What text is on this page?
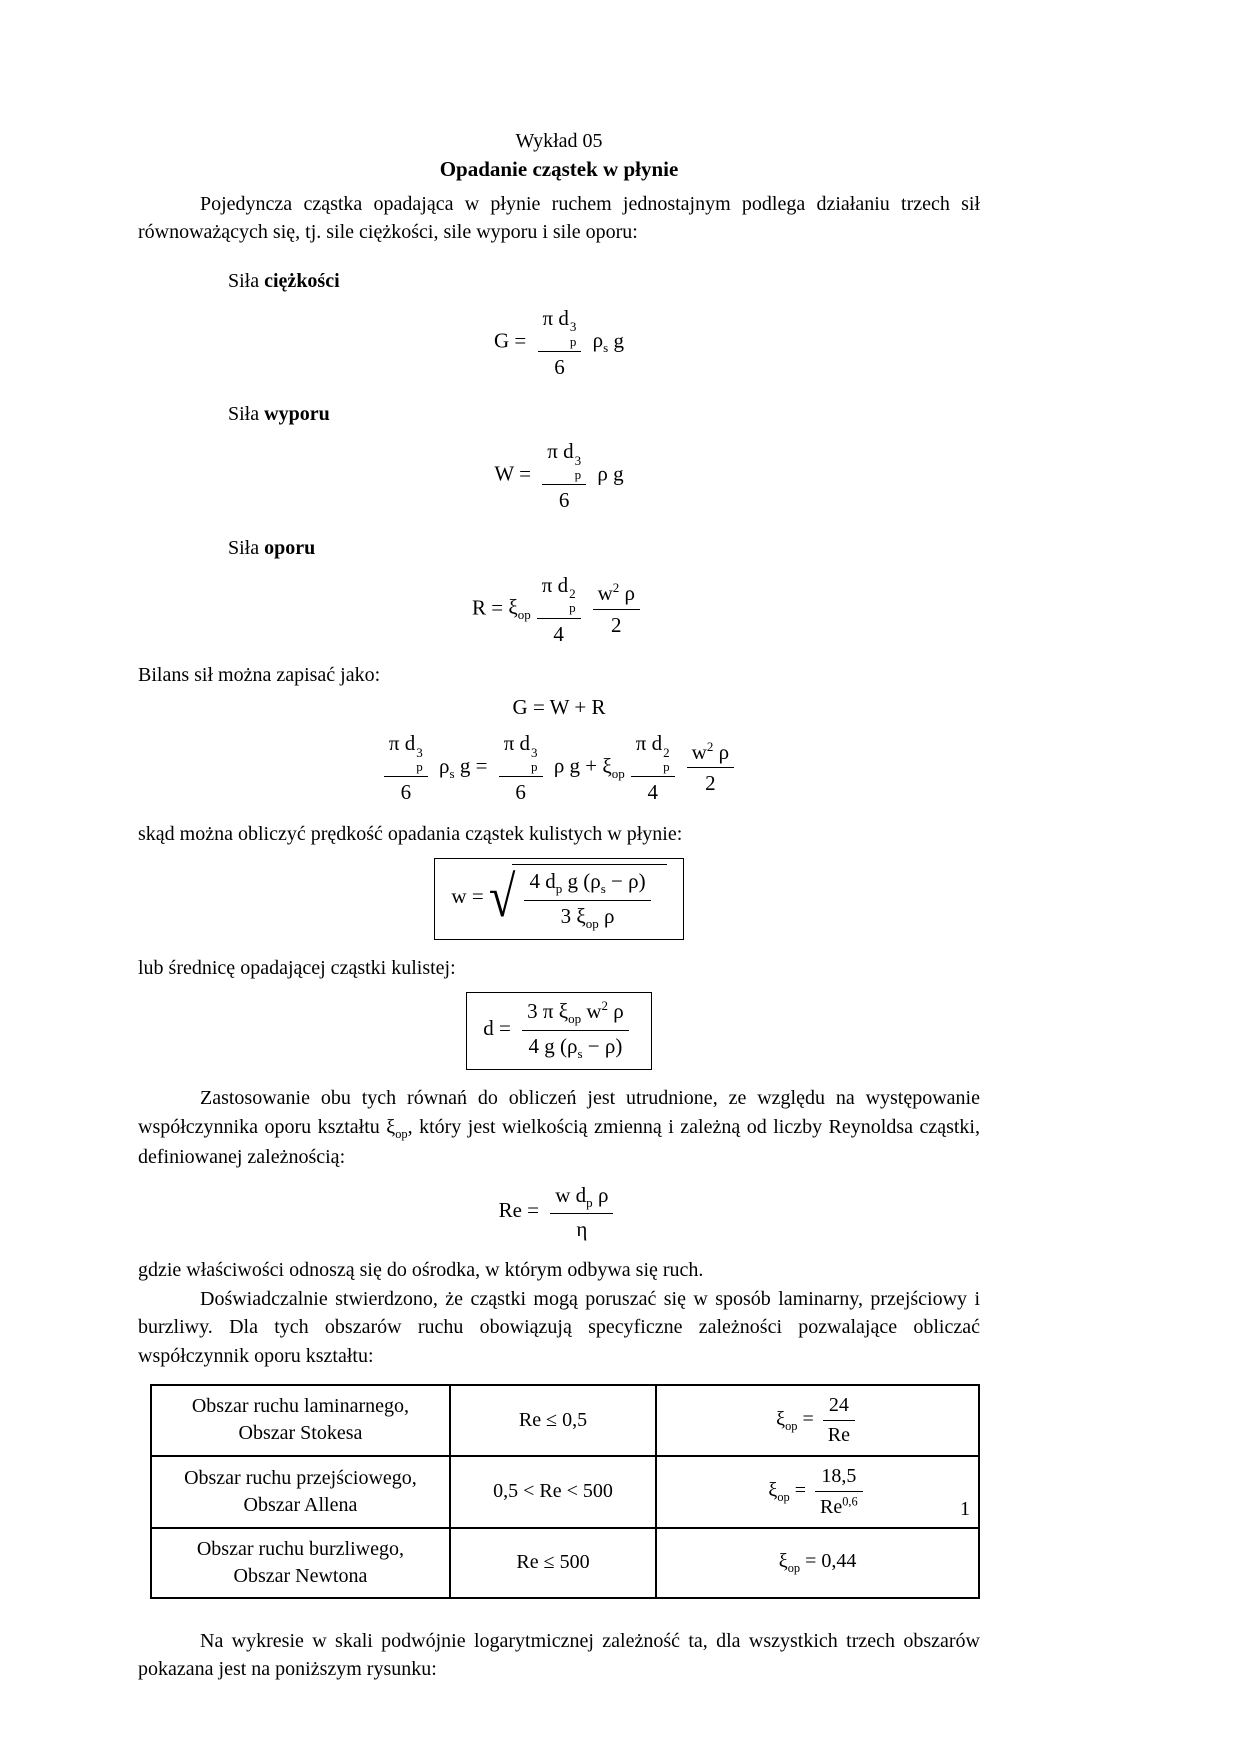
Wykład 05

Opadanie cząstek w płynie

Pojedyncza cząstka opadająca w płynie ruchem jednostajnym podlega działaniu trzech sił równoważących się, tj. sile ciężkości, sile wyporu i sile oporu:

Siła ciężkości

G = π d 3
p
6 $\rho_s$ g

Siła wyporu

W = π d 3
p
6 ρ g

Siła oporu

$R = \xi_{op}$ π d 2
p
$4 \frac{w^2 \rho}{2}$

Bilans sił można zapisać jako:

G = W + R
π d 3
p
6 $\rho_s$ g = π d 3
p
6 ρ $g + \xi_{op}$ π d 2
p
$4 \frac{w^2 \rho}{2}$

skąd można obliczyć prędkość opadania cząstek kulistych w płynie:

w = √ $\frac{4 d_p g (\rho_s - \rho)}{3 \xi_{op} \rho}$

lub średnicę opadającej cząstki kulistej:

$d = \frac{3 \pi \xi_{op} w^2 \rho}{4 g (\rho_s - \rho)}$

Zastosowanie obu tych równań do obliczeń jest utrudnione, ze względu na występowanie współczynnika oporu kształtu $\xi_{op}$, który jest wielkością zmienną i zależną od liczby Reynoldsa cząstki, definiowanej zależnością:

$Re = \frac{w d_p \rho}{\eta}$

gdzie właściwości odnoszą się do ośrodka, w którym odbywa się ruch.

Doświadczalnie stwierdzono, że cząstki mogą poruszać się w sposób laminarny, przejściowy i burzliwy. Dla tych obszarów ruchu obowiązują specyficzne zależności pozwalające obliczać współczynnik oporu kształtu:

Obszar ruchu laminarnego,
Obszar Stokesa	Re ≤ 0,5	$\xi_{op} = \frac{24}{Re}$

Obszar ruchu przejściowego,
Obszar Allena	0,5 < Re < 500	$\xi_{op} = \frac{18,5}{Re^{0,6}}$

Obszar ruchu burzliwego,
Obszar Newtona	Re ≤ 500	$\xi_{op} = 0,44$

Na wykresie w skali podwójnie logarytmicznej zależność ta, dla wszystkich trzech obszarów pokazana jest na poniższym rysunku:

1
